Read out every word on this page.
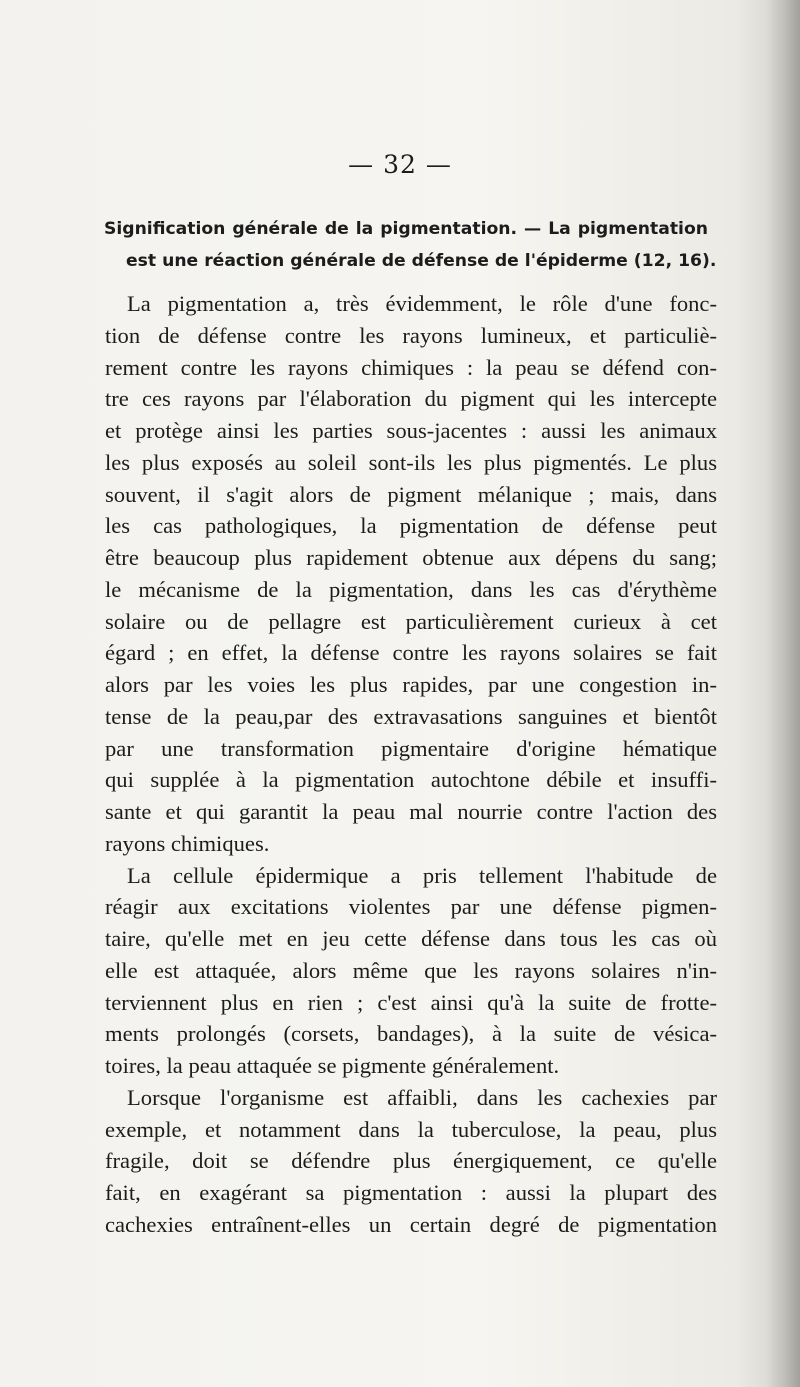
— 32 —
Signification générale de la pigmentation. — La pigmentation
est une réaction générale de défense de l'épiderme (12, 16).
La pigmentation a, très évidemment, le rôle d'une fonc-
tion de défense contre les rayons lumineux, et particuliè-
rement contre les rayons chimiques : la peau se défend con-
tre ces rayons par l'élaboration du pigment qui les intercepte
et protège ainsi les parties sous-jacentes : aussi les animaux
les plus exposés au soleil sont-ils les plus pigmentés. Le plus
souvent, il s'agit alors de pigment mélanique ; mais, dans
les cas pathologiques, la pigmentation de défense peut
être beaucoup plus rapidement obtenue aux dépens du sang;
le mécanisme de la pigmentation, dans les cas d'érythème
solaire ou de pellagre est particulièrement curieux à cet
égard ; en effet, la défense contre les rayons solaires se fait
alors par les voies les plus rapides, par une congestion in-
tense de la peau,par des extravasations sanguines et bientôt
par une transformation pigmentaire d'origine hématique
qui supplée à la pigmentation autochtone débile et insuffi-
sante et qui garantit la peau mal nourrie contre l'action des
rayons chimiques.
La cellule épidermique a pris tellement l'habitude de
réagir aux excitations violentes par une défense pigmen-
taire, qu'elle met en jeu cette défense dans tous les cas où
elle est attaquée, alors même que les rayons solaires n'in-
terviennent plus en rien ; c'est ainsi qu'à la suite de frotte-
ments prolongés (corsets, bandages), à la suite de vésica-
toires, la peau attaquée se pigmente généralement.
Lorsque l'organisme est affaibli, dans les cachexies par
exemple, et notamment dans la tuberculose, la peau, plus
fragile, doit se défendre plus énergiquement, ce qu'elle
fait, en exagérant sa pigmentation : aussi la plupart des
cachexies entraînent-elles un certain degré de pigmentation
